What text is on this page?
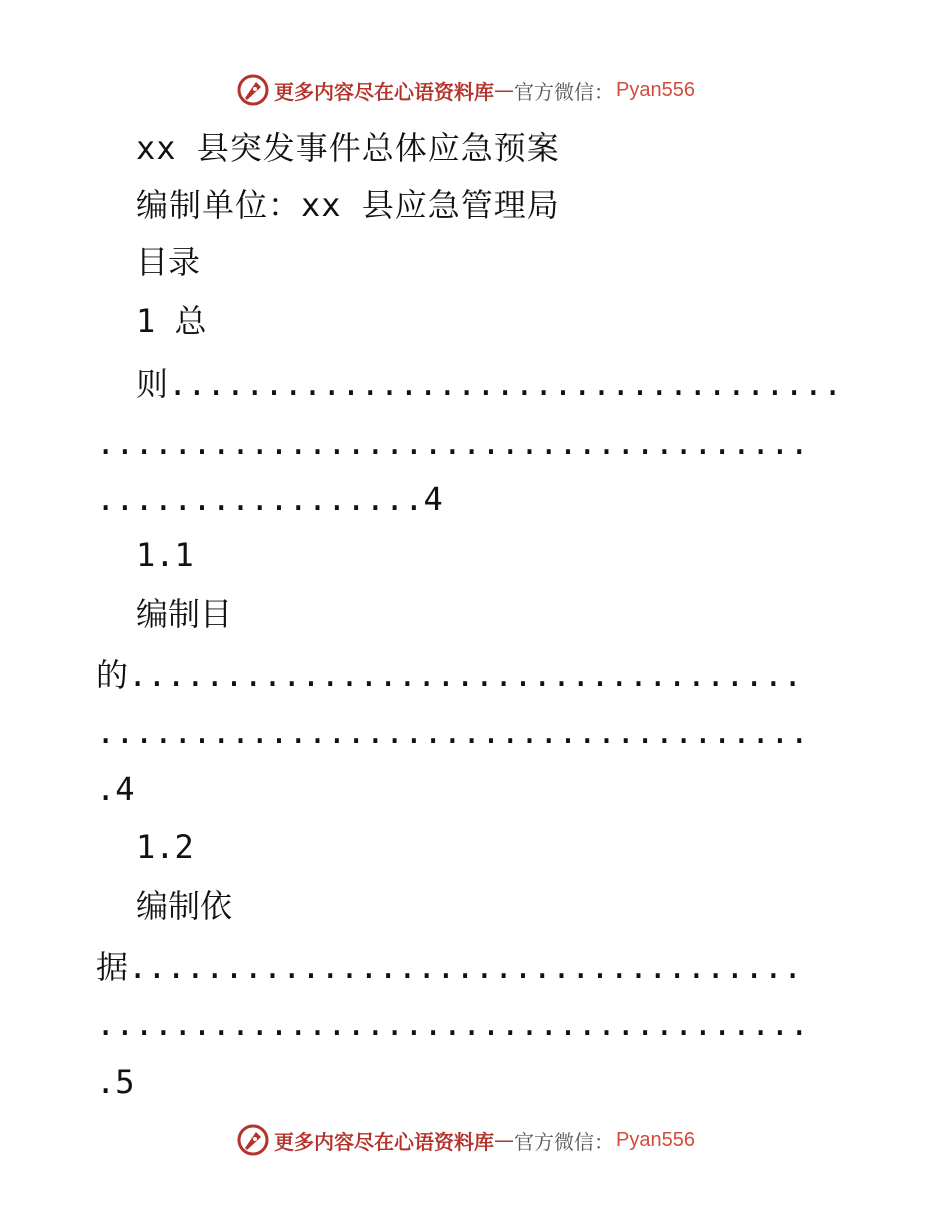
更多内容尽在心语资料库 — 官方微信： Pyan556
xx 县突发事件总体应急预案
编制单位：xx 县应急管理局
目录
1 总
则...................................
.....................................
.................4
1.1
编制目
的...................................
.....................................
.4
1.2
编制依
据...................................
.....................................
.5
更多内容尽在心语资料库 — 官方微信： Pyan556
